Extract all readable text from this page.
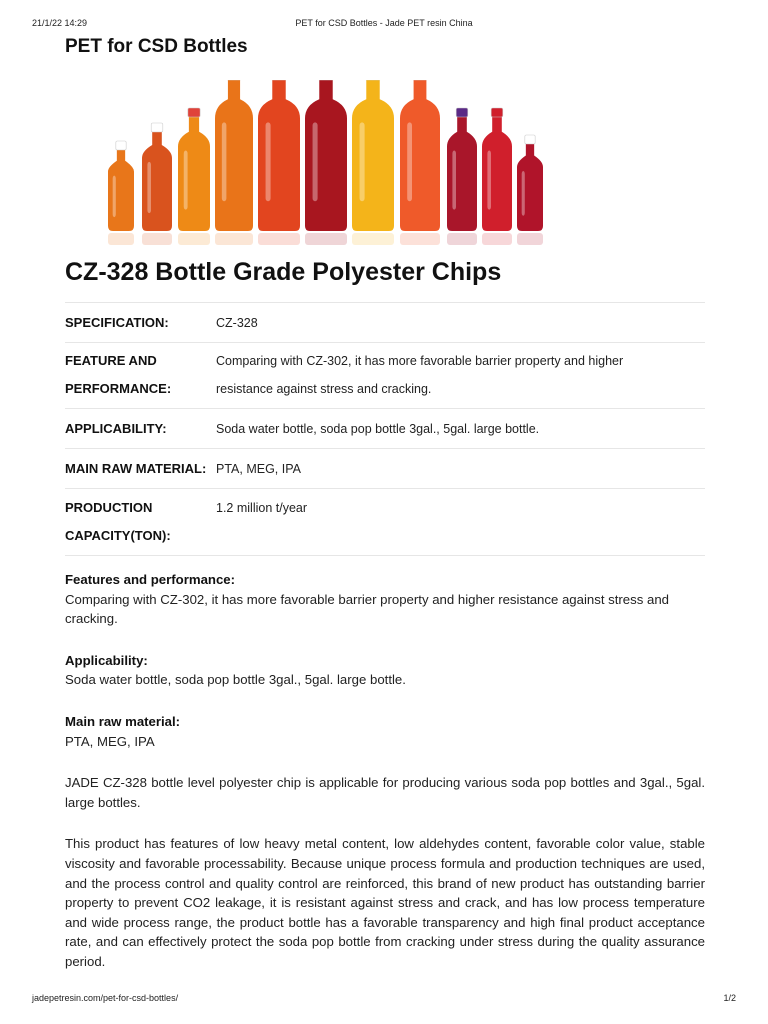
21/1/22 14:29	PET for CSD Bottles - Jade PET resin China
PET for CSD Bottles
CZ-328 Bottle Grade Polyester Chips
SPECIFICATION:	CZ-328
FEATURE AND
PERFORMANCE:	Comparing with CZ-302, it has more favorable barrier property and higher
resistance against stress and cracking.
APPLICABILITY:	Soda water bottle, soda pop bottle 3gal., 5gal. large bottle.
MAIN RAW MATERIAL:	PTA, MEG, IPA
PRODUCTION
CAPACITY(TON):	1.2 million t/year
Features and performance:
Comparing with CZ-302, it has more favorable barrier property and higher resistance against stress and cracking.
Applicability:
Soda water bottle, soda pop bottle 3gal., 5gal. large bottle.
Main raw material:
PTA, MEG, IPA

JADE CZ-328 bottle level polyester chip is applicable for producing various soda pop bottles and 3gal., 5gal. large bottles.

This product has features of low heavy metal content, low aldehydes content, favorable color value, stable viscosity and favorable processability. Because unique process formula and production techniques are used, and the process control and quality control are reinforced, this brand of new product has outstanding barrier property to prevent CO2 leakage, it is resistant against stress and crack, and has low process temperature and wide process range, the product bottle has a favorable transparency and high final product acceptance rate, and can effectively protect the soda pop bottle from cracking under stress during the quality assurance period.

jadepetresin.com/pet-for-csd-bottles/	1/2
